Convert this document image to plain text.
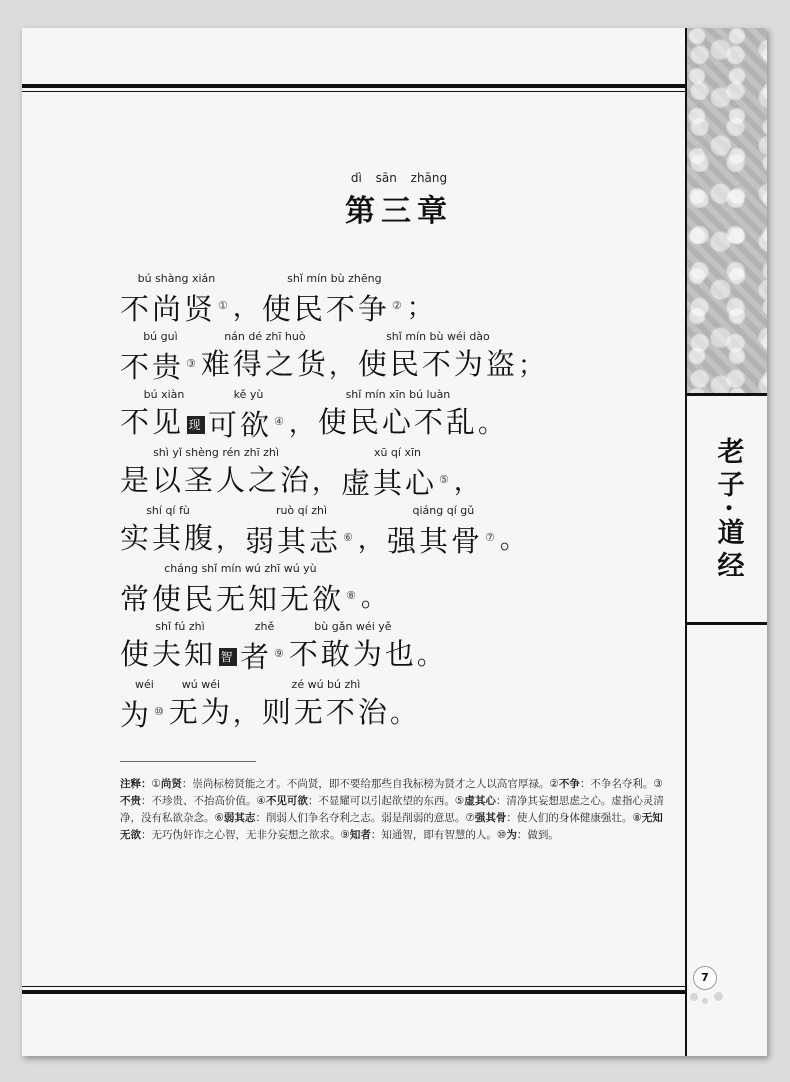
dì sān zhāng
第三章
bú shàng xián
不尚贤 ① ，
shǐ mín bù zhēng
使民不争 ② ；
bú guì
不贵 ③
nán dé zhī huò
难得之货 ，
shǐ mín bù wéi dào
使民不为盗 ；
bú xiàn
不见 现
kě yù
可欲 ④ ，
shǐ mín xīn bú luàn
使民心不乱 。
shì yǐ shèng rén zhī zhì
是以圣人之治 ，
xū qí xīn
虚其心 ⑤ ，
shí qí fù
实其腹 ，
ruò qí zhì
弱其志 ⑥ ，
qiáng qí gǔ
强其骨 ⑦ 。
cháng shǐ mín wú zhī wú yù
常使民无知无欲 ⑧ 。
shǐ fú zhì
使夫知 智
zhě
者 ⑨
bù gǎn wéi yě
不敢为也 。
wéi
为 ⑩
wú wéi
无为 ，
zé wú bú zhì
则无不治 。
注释：①尚贤：崇尚标榜贤能之才。不尚贤，即不要给那些自我标榜为贤才之人以高官厚禄。②不争：不争名夺利。③不贵：不珍贵、不抬高价值。④不见可欲：不显耀可以引起欲望的东西。⑤虚其心：清净其妄想思虑之心。虚指心灵清净，没有私欲杂念。⑥弱其志：削弱人们争名夺利之志。弱是削弱的意思。⑦强其骨：使人们的身体健康强壮。⑧无知无欲：无巧伪奸诈之心智，无非分妄想之欲求。⑨知者：知通智，即有智慧的人。⑩为：做到。
老子·道经
7
